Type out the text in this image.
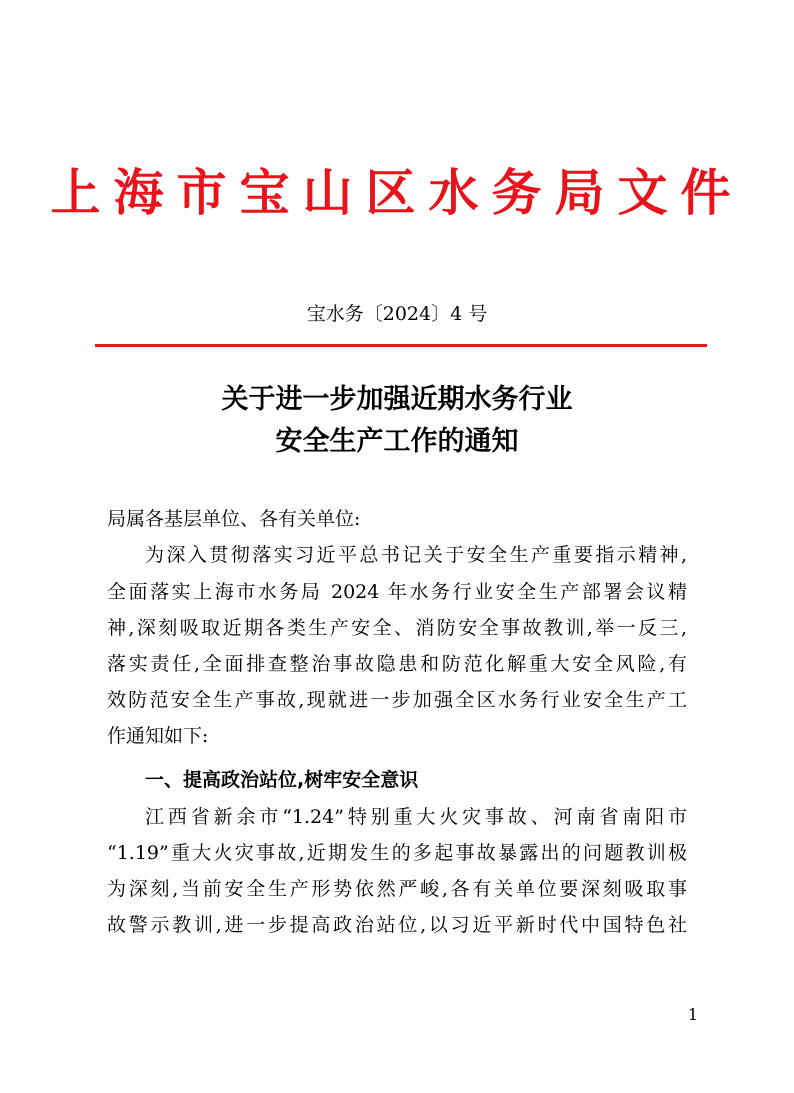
上海市宝山区水务局文件
宝水务〔2024〕4 号
关于进一步加强近期水务行业
安全生产工作的通知
局属各基层单位、各有关单位:
为深入贯彻落实习近平总书记关于安全生产重要指示精神,
全面落实上海市水务局 2024 年水务行业安全生产部署会议精
神,深刻吸取近期各类生产安全、消防安全事故教训,举一反三,
落实责任,全面排查整治事故隐患和防范化解重大安全风险,有
效防范安全生产事故,现就进一步加强全区水务行业安全生产工
作通知如下:
一、提高政治站位,树牢安全意识
江西省新余市“1.24”特别重大火灾事故、河南省南阳市
“1.19”重大火灾事故,近期发生的多起事故暴露出的问题教训极
为深刻,当前安全生产形势依然严峻,各有关单位要深刻吸取事
故警示教训,进一步提高政治站位,以习近平新时代中国特色社
1
